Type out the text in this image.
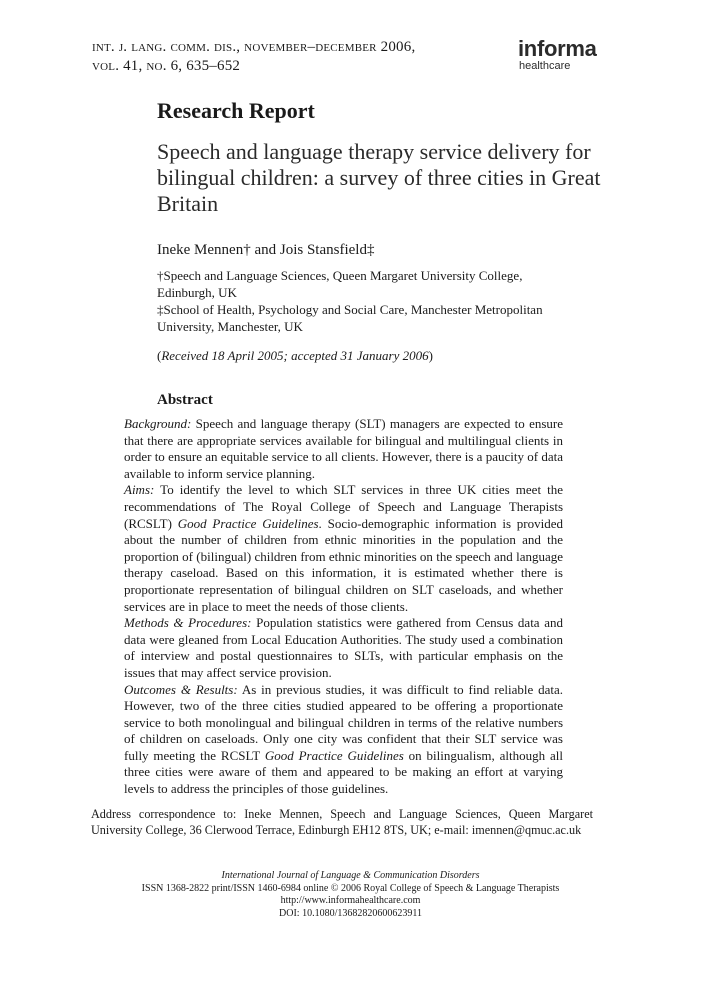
int. j. lang. comm. dis., november–december 2006,
vol. 41, no. 6, 635–652
informa
healthcare
Research Report
Speech and language therapy service delivery for bilingual children: a survey of three cities in Great Britain
Ineke Mennen† and Jois Stansfield‡

†Speech and Language Sciences, Queen Margaret University College, Edinburgh, UK

‡School of Health, Psychology and Social Care, Manchester Metropolitan University, Manchester, UK

(Received 18 April 2005; accepted 31 January 2006)
Abstract

Background: Speech and language therapy (SLT) managers are expected to ensure that there are appropriate services available for bilingual and multilingual clients in order to ensure an equitable service to all clients. However, there is a paucity of data available to inform service planning.

Aims: To identify the level to which SLT services in three UK cities meet the recommendations of The Royal College of Speech and Language Therapists (RCSLT) Good Practice Guidelines. Socio-demographic information is provided about the number of children from ethnic minorities in the population and the proportion of (bilingual) children from ethnic minorities on the speech and language therapy caseload. Based on this information, it is estimated whether there is proportionate representation of bilingual children on SLT caseloads, and whether services are in place to meet the needs of those clients.

Methods & Procedures: Population statistics were gathered from Census data and data were gleaned from Local Education Authorities. The study used a combination of interview and postal questionnaires to SLTs, with particular emphasis on the issues that may affect service provision.

Outcomes & Results: As in previous studies, it was difficult to find reliable data. However, two of the three cities studied appeared to be offering a proportionate service to both monolingual and bilingual children in terms of the relative numbers of children on caseloads. Only one city was confident that their SLT service was fully meeting the RCSLT Good Practice Guidelines on bilingualism, although all three cities were aware of them and appeared to be making an effort at varying levels to address the principles of those guidelines.

Address correspondence to: Ineke Mennen, Speech and Language Sciences, Queen Margaret University College, 36 Clerwood Terrace, Edinburgh EH12 8TS, UK; e-mail: imennen@qmuc.ac.uk
International Journal of Language & Communication Disorders
ISSN 1368-2822 print/ISSN 1460-6984 online © 2006 Royal College of Speech & Language Therapists
http://www.informahealthcare.com
DOI: 10.1080/13682820600623911
